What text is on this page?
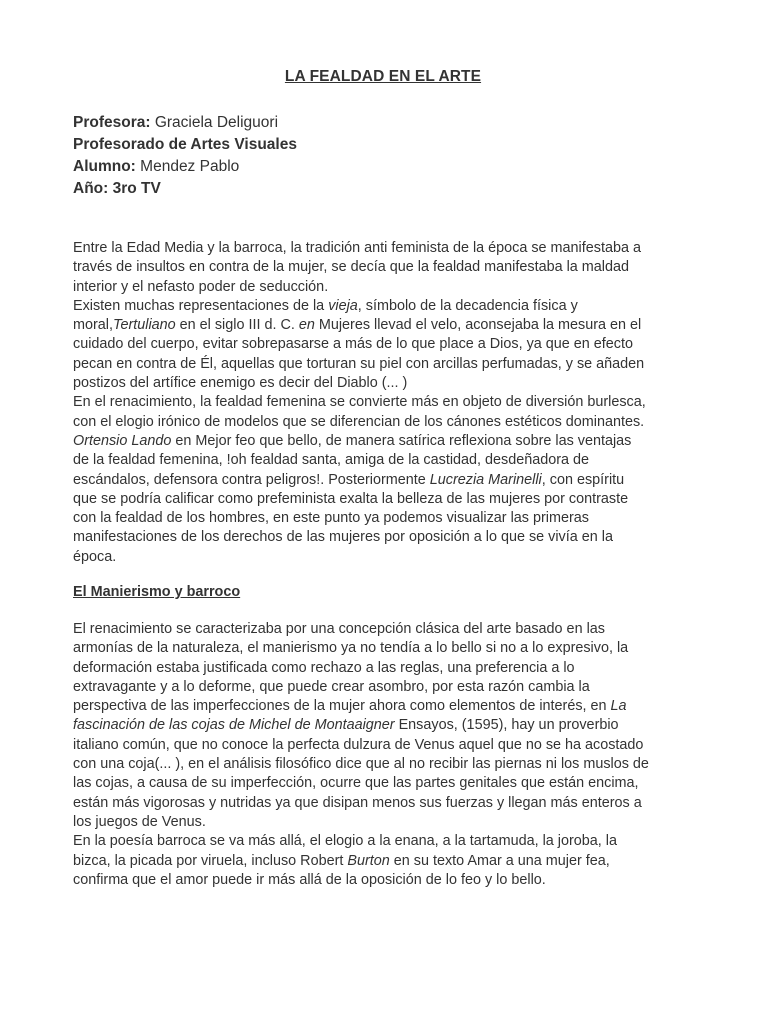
LA FEALDAD EN EL ARTE
Profesora: Graciela Deliguori
Profesorado de Artes Visuales
Alumno: Mendez Pablo
Año: 3ro TV

Entre la Edad Media y la barroca, la tradición anti feminista de la época se manifestaba a

través de insultos en contra de la mujer, se decía que la fealdad manifestaba la maldad

interior y el nefasto poder de seducción.

Existen muchas representaciones de la vieja, símbolo de la decadencia física y

moral,Tertuliano en el siglo III d. C. en Mujeres llevad el velo, aconsejaba la mesura en el

cuidado del cuerpo, evitar sobrepasarse a más de lo que place a Dios, ya que en efecto

pecan en contra de Él, aquellas que torturan su piel con arcillas perfumadas, y se añaden

postizos del artífice enemigo es decir del Diablo (... )

En el renacimiento, la fealdad femenina se convierte más en objeto de diversión burlesca,

con el elogio irónico de modelos que se diferencian de los cánones estéticos dominantes.

Ortensio Lando en Mejor feo que bello, de manera satírica reflexiona sobre las ventajas

de la fealdad femenina, !oh fealdad santa, amiga de la castidad, desdeñadora de

escándalos, defensora contra peligros!. Posteriormente Lucrezia Marinelli, con espíritu

que se podría calificar como prefeminista exalta la belleza de las mujeres por contraste

con la fealdad de los hombres, en este punto ya podemos visualizar las primeras

manifestaciones de los derechos de las mujeres por oposición a lo que se vivía en la

época.

El Manierismo y barroco

El renacimiento se caracterizaba por una concepción clásica del arte basado en las

armonías de la naturaleza, el manierismo ya no tendía a lo bello si no a lo expresivo, la

deformación estaba justificada como rechazo a las reglas, una preferencia a lo

extravagante y a lo deforme, que puede crear asombro, por esta razón cambia la

perspectiva de las imperfecciones de la mujer ahora como elementos de interés, en La

fascinación de las cojas de Michel de Montaaigner Ensayos, (1595), hay un proverbio

italiano común, que no conoce la perfecta dulzura de Venus aquel que no se ha acostado

con una coja(... ), en el análisis filosófico dice que al no recibir las piernas ni los muslos de

las cojas, a causa de su imperfección, ocurre que las partes genitales que están encima,

están más vigorosas y nutridas ya que disipan menos sus fuerzas y llegan más enteros a

los juegos de Venus.

En la poesía barroca se va más allá, el elogio a la enana, a la tartamuda, la joroba, la

bizca, la picada por viruela, incluso Robert Burton en su texto Amar a una mujer fea,

confirma que el amor puede ir más allá de la oposición de lo feo y lo bello.
